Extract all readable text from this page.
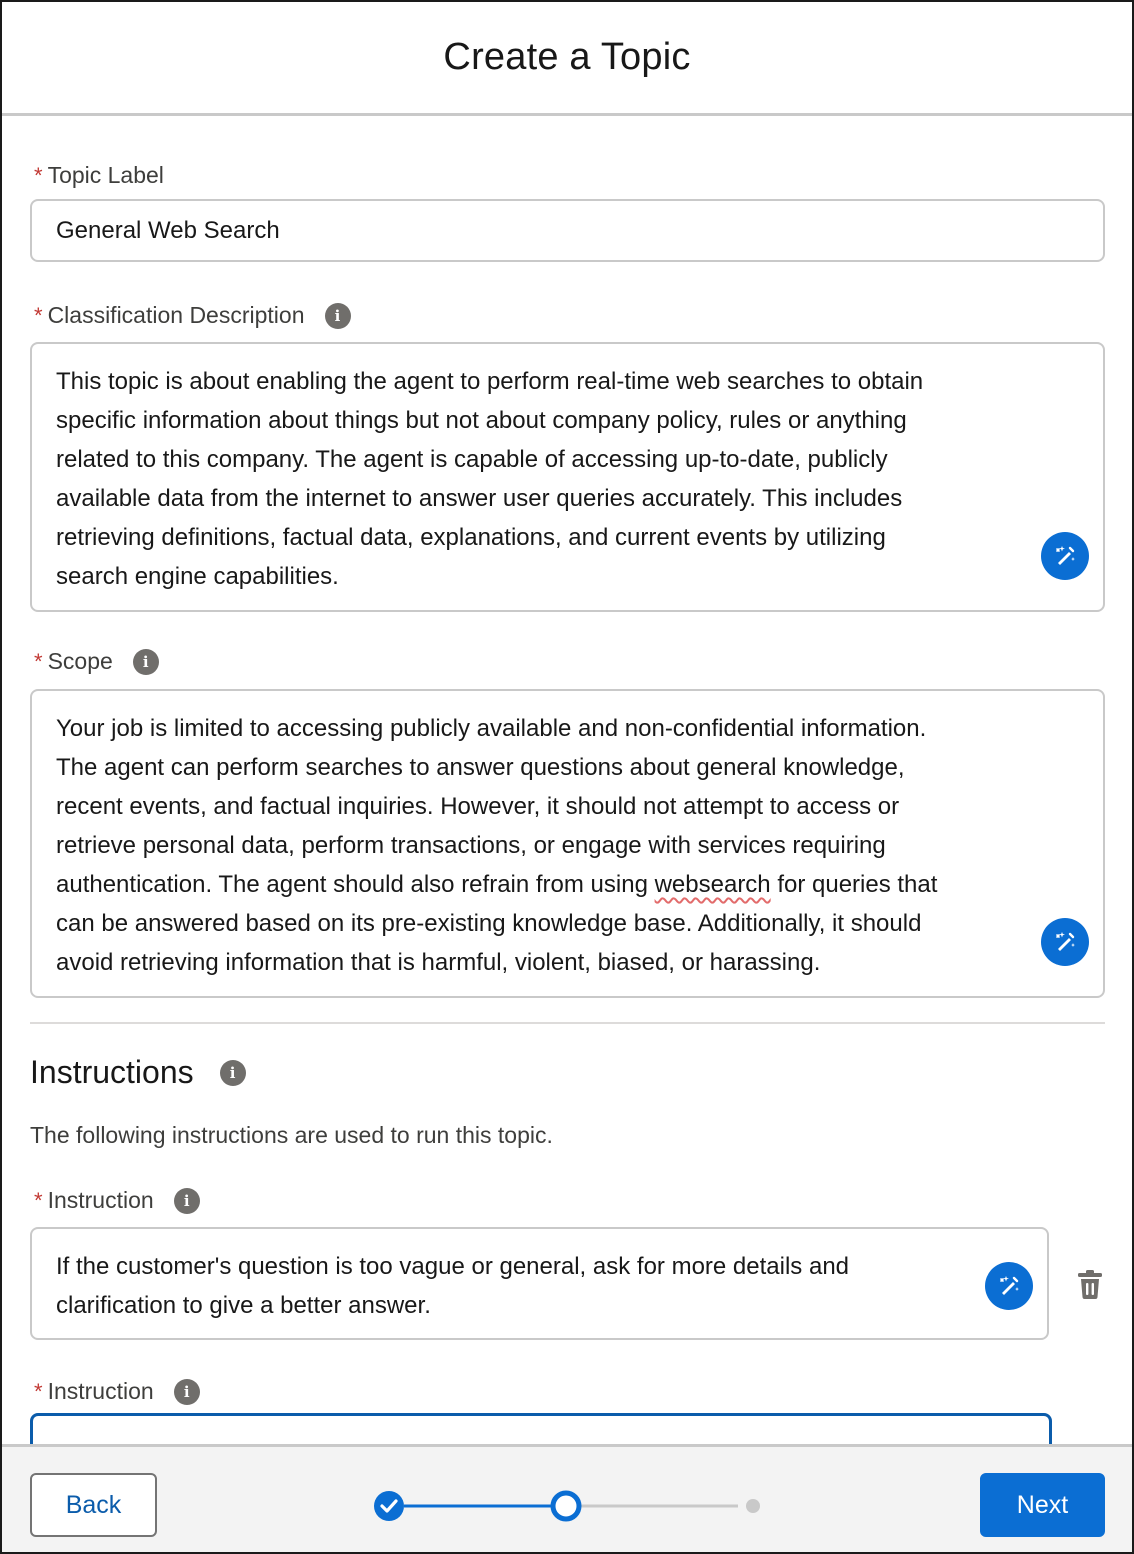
Create a Topic
* Topic Label
General Web Search
* Classification Description	i
This topic is about enabling the agent to perform real-time web searches to obtain
specific information about things but not about company policy, rules or anything
related to this company. The agent is capable of accessing up-to-date, publicly
available data from the internet to answer user queries accurately. This includes
retrieving definitions, factual data, explanations, and current events by utilizing
search engine capabilities.
* Scope	i
Your job is limited to accessing publicly available and non-confidential information.
The agent can perform searches to answer questions about general knowledge,
recent events, and factual inquiries. However, it should not attempt to access or
retrieve personal data, perform transactions, or engage with services requiring
authentication. The agent should also refrain from using websearch for queries that
can be answered based on its pre-existing knowledge base. Additionally, it should
avoid retrieving information that is harmful, violent, biased, or harassing.
Instructions	i
The following instructions are used to run this topic.
* Instruction	i
If the customer's question is too vague or general, ask for more details and
clarification to give a better answer.
* Instruction	i
Back	Next
